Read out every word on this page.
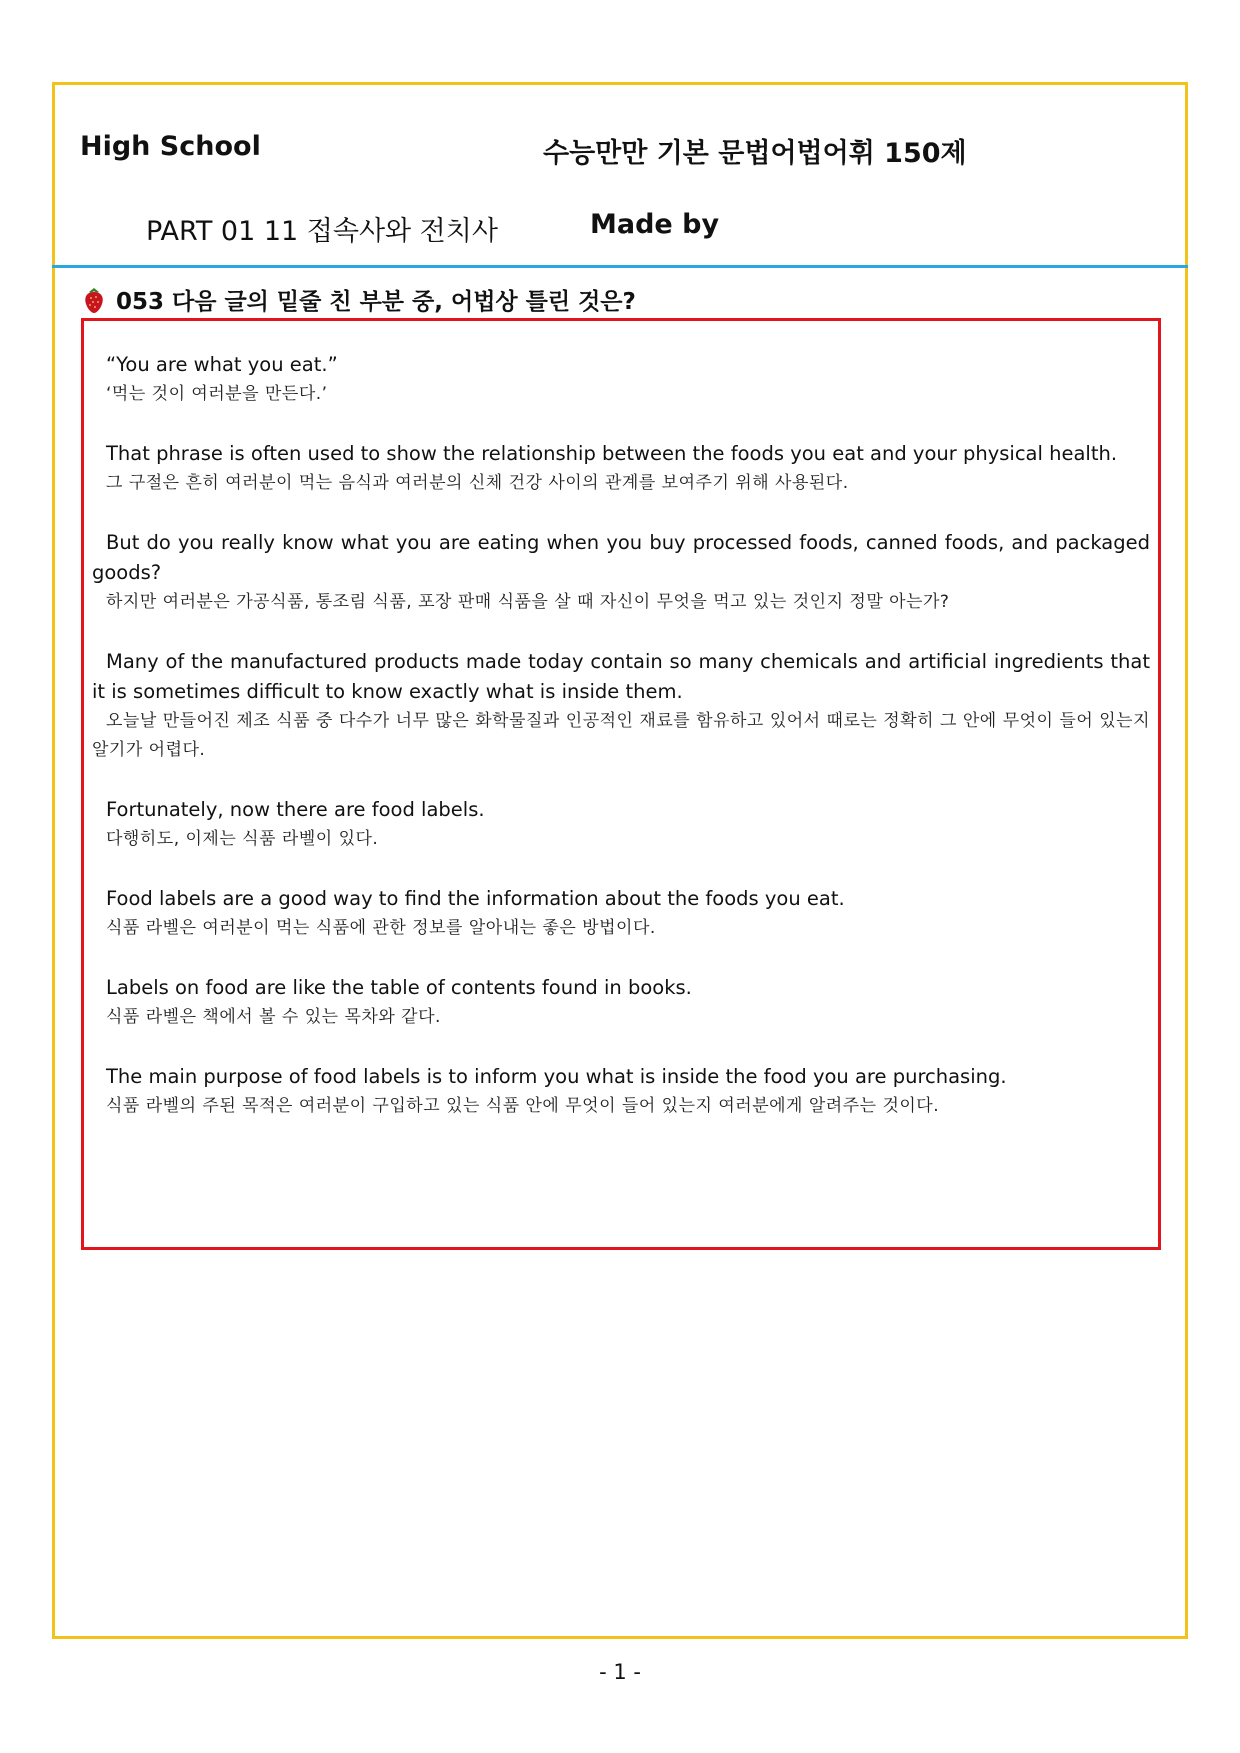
High School	수능만만 기본 문법어법어휘 150제
PART 01 11 접속사와 전치사	Made by
053 다음 글의 밑줄 친 부분 중, 어법상 틀린 것은?
“You are what you eat.”
‘먹는 것이 여러분을 만든다.’
That phrase is often used to show the relationship between the foods you eat and your physical health.
그 구절은 흔히 여러분이 먹는 음식과 여러분의 신체 건강 사이의 관계를 보여주기 위해 사용된다.
But do you really know what you are eating when you buy processed foods, canned foods, and packaged goods?
하지만 여러분은 가공식품, 통조림 식품, 포장 판매 식품을 살 때 자신이 무엇을 먹고 있는 것인지 정말 아는가?
Many of the manufactured products made today contain so many chemicals and artificial ingredients that it is sometimes difficult to know exactly what is inside them.
오늘날 만들어진 제조 식품 중 다수가 너무 많은 화학물질과 인공적인 재료를 함유하고 있어서 때로는 정확히 그 안에 무엇이 들어 있는지 알기가 어렵다.
Fortunately, now there are food labels.
다행히도, 이제는 식품 라벨이 있다.
Food labels are a good way to find the information about the foods you eat.
식품 라벨은 여러분이 먹는 식품에 관한 정보를 알아내는 좋은 방법이다.
Labels on food are like the table of contents found in books.
식품 라벨은 책에서 볼 수 있는 목차와 같다.
The main purpose of food labels is to inform you what is inside the food you are purchasing.
식품 라벨의 주된 목적은 여러분이 구입하고 있는 식품 안에 무엇이 들어 있는지 여러분에게 알려주는 것이다.
- 1 -
